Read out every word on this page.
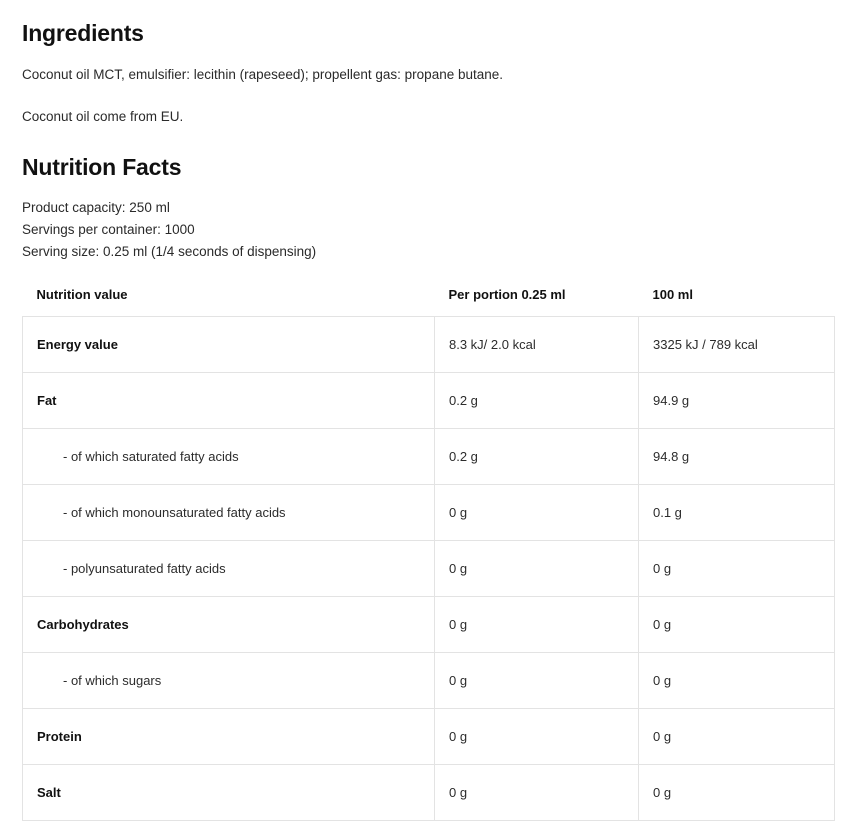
Ingredients

Coconut oil MCT, emulsifier: lecithin (rapeseed); propellent gas: propane butane.

Coconut oil come from EU.

Nutrition Facts
Product capacity: 250 ml
Servings per container: 1000
Serving size: 0.25 ml (1/4 seconds of dispensing)
Nutrition value	Per portion 0.25 ml	100 ml
Energy value	8.3 kJ/ 2.0 kcal	3325 kJ / 789 kcal
Fat	0.2 g	94.9 g
- of which saturated fatty acids	0.2 g	94.8 g
- of which monounsaturated fatty acids	0 g	0.1 g
- polyunsaturated fatty acids	0 g	0 g
Carbohydrates	0 g	0 g
- of which sugars	0 g	0 g
Protein	0 g	0 g
Salt	0 g	0 g
